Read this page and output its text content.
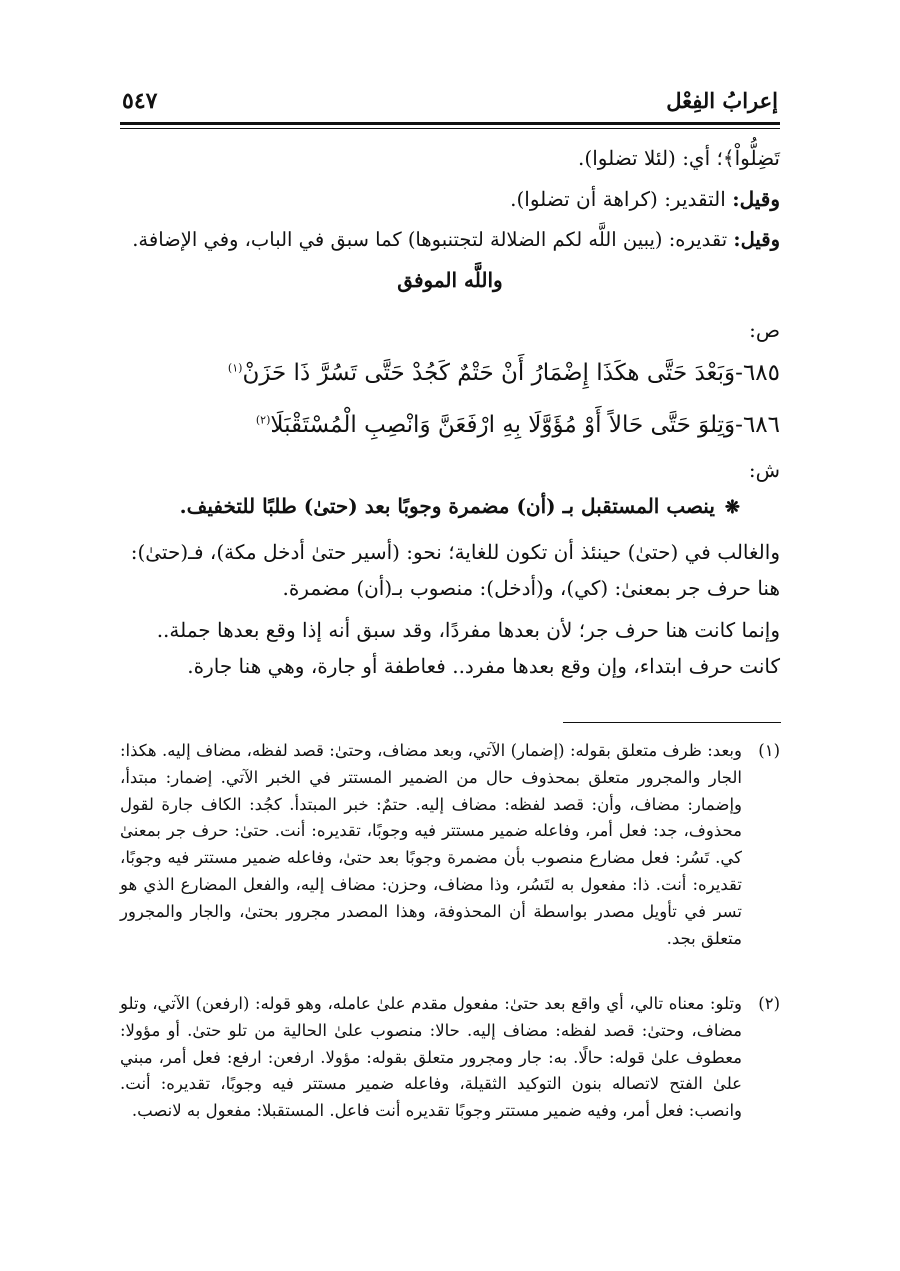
إعرابُ الفِعْل
٥٤٧
تَضِلُّواْ﴾؛ أي: (لئلا تضلوا).
وقيل: التقدير: (كراهة أن تضلوا).
وقيل: تقديره: (يبين اللَّه لكم الضلالة لتجتنبوها) كما سبق في الباب، وفي الإضافة.
واللَّه الموفق
ص:
٦٨٥-وَبَعْدَ حَتَّى هكَذَا إِضْمَارُ أَنْ حَتْمٌ كَجُدْ حَتَّى تَسُرَّ ذَا حَزَنْ$^{(١)}$
٦٨٦-وَتِلوَ حَتَّى حَالاً أَوْ مُؤَوَّلَا بِهِ ارْفَعَنَّ وَانْصِبِ الْمُسْتَقْبَلَا$^{(٢)}$
ش:
❋ينصب المستقبل بـ (أن) مضمرة وجوبًا بعد (حتىٰ) طلبًا للتخفيف.
والغالب في (حتىٰ) حينئذ أن تكون للغاية؛ نحو: (أسير حتىٰ أدخل مكة)، فـ(حتىٰ):
هنا حرف جر بمعنىٰ: (كي)، و(أدخل): منصوب بـ(أن) مضمرة.
وإنما كانت هنا حرف جر؛ لأن بعدها مفردًا، وقد سبق أنه إذا وقع بعدها جملة..
كانت حرف ابتداء، وإن وقع بعدها مفرد.. فعاطفة أو جارة، وهي هنا جارة.
(١)
وبعد: ظرف متعلق بقوله: (إضمار) الآتي، وبعد مضاف، وحتىٰ: قصد لفظه، مضاف إليه. هكذا: الجار والمجرور متعلق بمحذوف حال من الضمير المستتر في الخبر الآتي. إضمار: مبتدأ، وإضمار: مضاف، وأن: قصد لفظه: مضاف إليه. حتمٌ: خبر المبتدأ. كجُد: الكاف جارة لقول محذوف، جد: فعل أمر، وفاعله ضمير مستتر فيه وجوبًا، تقديره: أنت. حتىٰ: حرف جر بمعنىٰ كي. تَسُر: فعل مضارع منصوب بأن مضمرة وجوبًا بعد حتىٰ، وفاعله ضمير مستتر فيه وجوبًا، تقديره: أنت. ذا: مفعول به لتَسُر، وذا مضاف، وحزن: مضاف إليه، والفعل المضارع الذي هو تسر في تأويل مصدر بواسطة أن المحذوفة، وهذا المصدر مجرور بحتىٰ، والجار والمجرور متعلق بجد.
(٢)
وتلو: معناه تالي، أي واقع بعد حتىٰ: مفعول مقدم علىٰ عامله، وهو قوله: (ارفعن) الآتي، وتلو مضاف، وحتىٰ: قصد لفظه: مضاف إليه. حالا: منصوب علىٰ الحالية من تلو حتىٰ. أو مؤولا: معطوف علىٰ قوله: حالًا. به: جار ومجرور متعلق بقوله: مؤولا. ارفعن: ارفع: فعل أمر، مبني علىٰ الفتح لاتصاله بنون التوكيد الثقيلة، وفاعله ضمير مستتر فيه وجوبًا، تقديره: أنت. وانصب: فعل أمر، وفيه ضمير مستتر وجوبًا تقديره أنت فاعل. المستقبلا: مفعول به لانصب.
